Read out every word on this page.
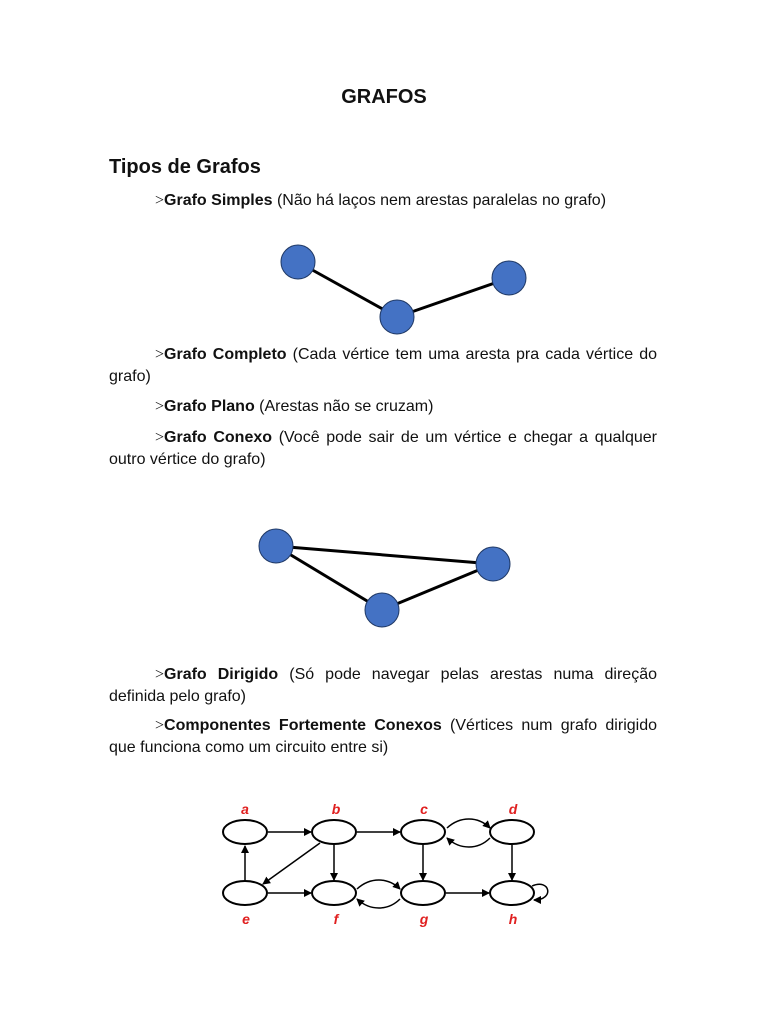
GRAFOS
Tipos de Grafos
>Grafo Simples (Não há laços nem arestas paralelas no grafo)
>Grafo Completo (Cada vértice tem uma aresta pra cada vértice do grafo)
>Grafo Plano (Arestas não se cruzam)
>Grafo Conexo (Você pode sair de um vértice e chegar a qualquer outro vértice do grafo)
>Grafo Dirigido (Só pode navegar pelas arestas numa direção definida pelo grafo)
>Componentes Fortemente Conexos (Vértices num grafo dirigido que funciona como um circuito entre si)
a	b	c	d
e	f	g	h
